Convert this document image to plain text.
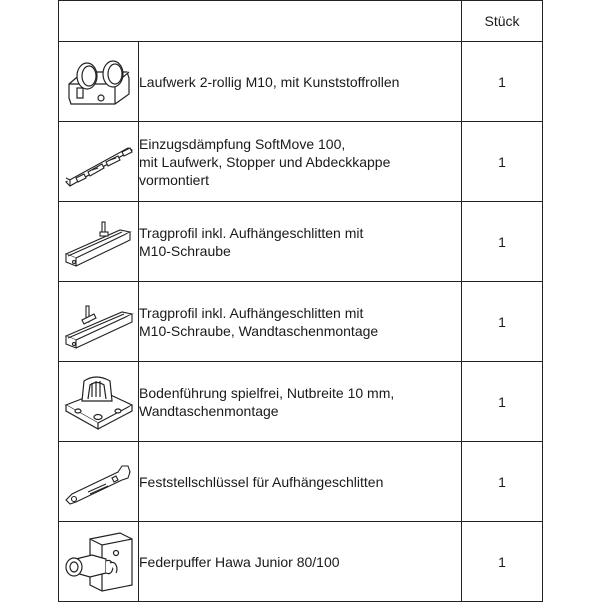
		Stück

Laufwerk 2-rollig M10, mit Kunststoffrollen	1

Einzugsdämpfung SoftMove 100,
mit Laufwerk, Stopper und Abdeckkappe
vormontiert	1

Tragprofil inkl. Aufhängeschlitten mit
M10-Schraube	1

Tragprofil inkl. Aufhängeschlitten mit
M10-Schraube, Wandtaschenmontage	1

Bodenführung spielfrei, Nutbreite 10 mm,
Wandtaschenmontage	1

Feststellschlüssel für Aufhängeschlitten	1

Federpuffer Hawa Junior 80/100	1
